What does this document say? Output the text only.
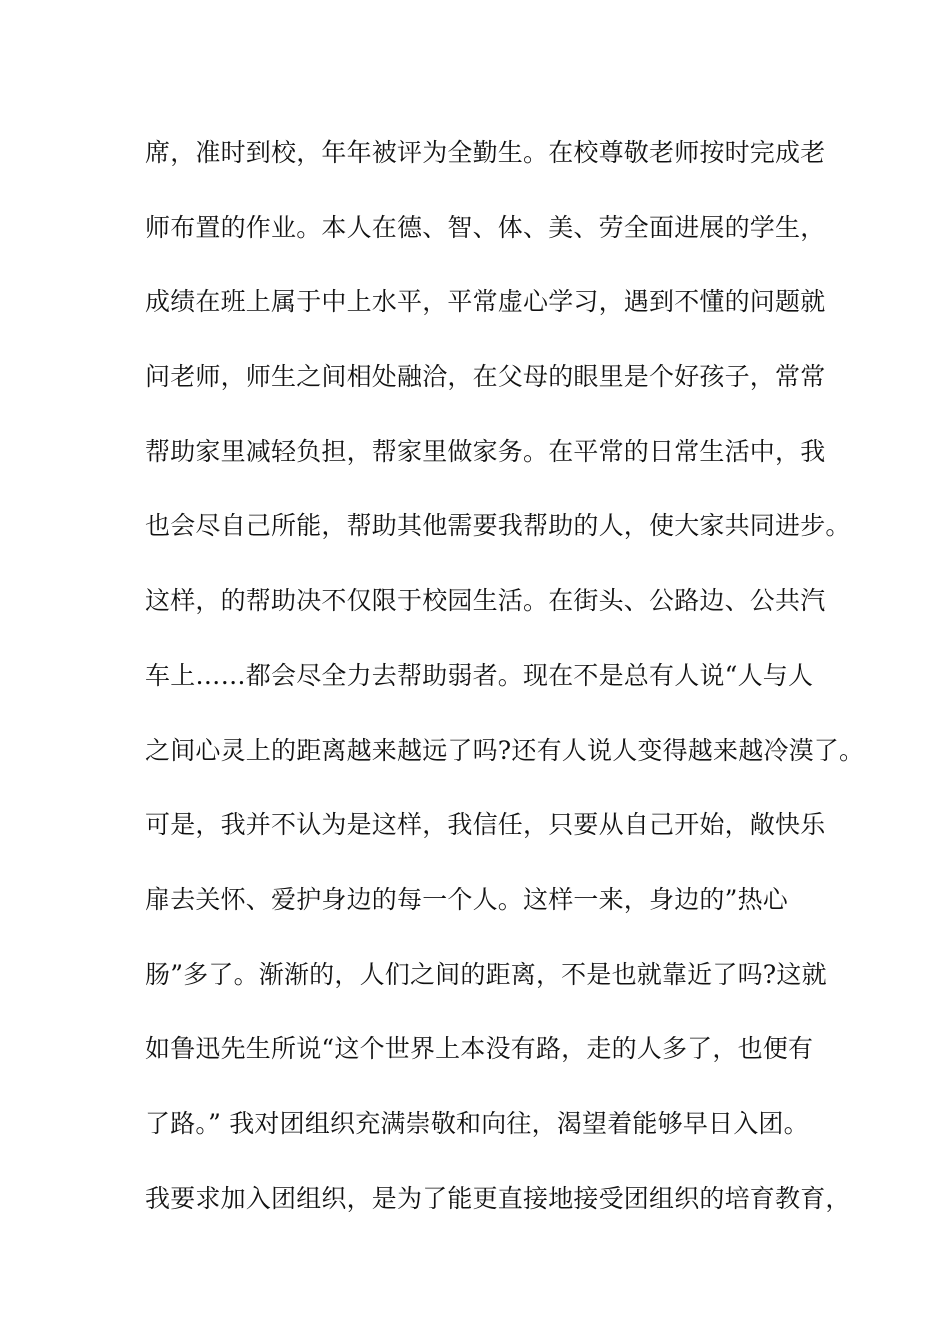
席，准时到校，年年被评为全勤生。在校尊敬老师按时完成老
师布置的作业。本人在德、智、体、美、劳全面进展的学生，
成绩在班上属于中上水平，平常虚心学习，遇到不懂的问题就
问老师，师生之间相处融洽，在父母的眼里是个好孩子，常常
帮助家里减轻负担，帮家里做家务。在平常的日常生活中，我
也会尽自己所能，帮助其他需要我帮助的人，使大家共同进步。
这样，的帮助决不仅限于校园生活。在街头、公路边、公共汽
车上……都会尽全力去帮助弱者。现在不是总有人说“人与人
之间心灵上的距离越来越远了吗?还有人说人变得越来越冷漠了。
可是，我并不认为是这样，我信任，只要从自己开始，敞快乐
扉去关怀、爱护身边的每一个人。这样一来，身边的”热心
肠”多了。渐渐的，人们之间的距离，不是也就靠近了吗?这就
如鲁迅先生所说“这个世界上本没有路，走的人多了，也便有
了路。” 我对团组织充满崇敬和向往，渴望着能够早日入团。
我要求加入团组织，是为了能更直接地接受团组织的培育教育，
